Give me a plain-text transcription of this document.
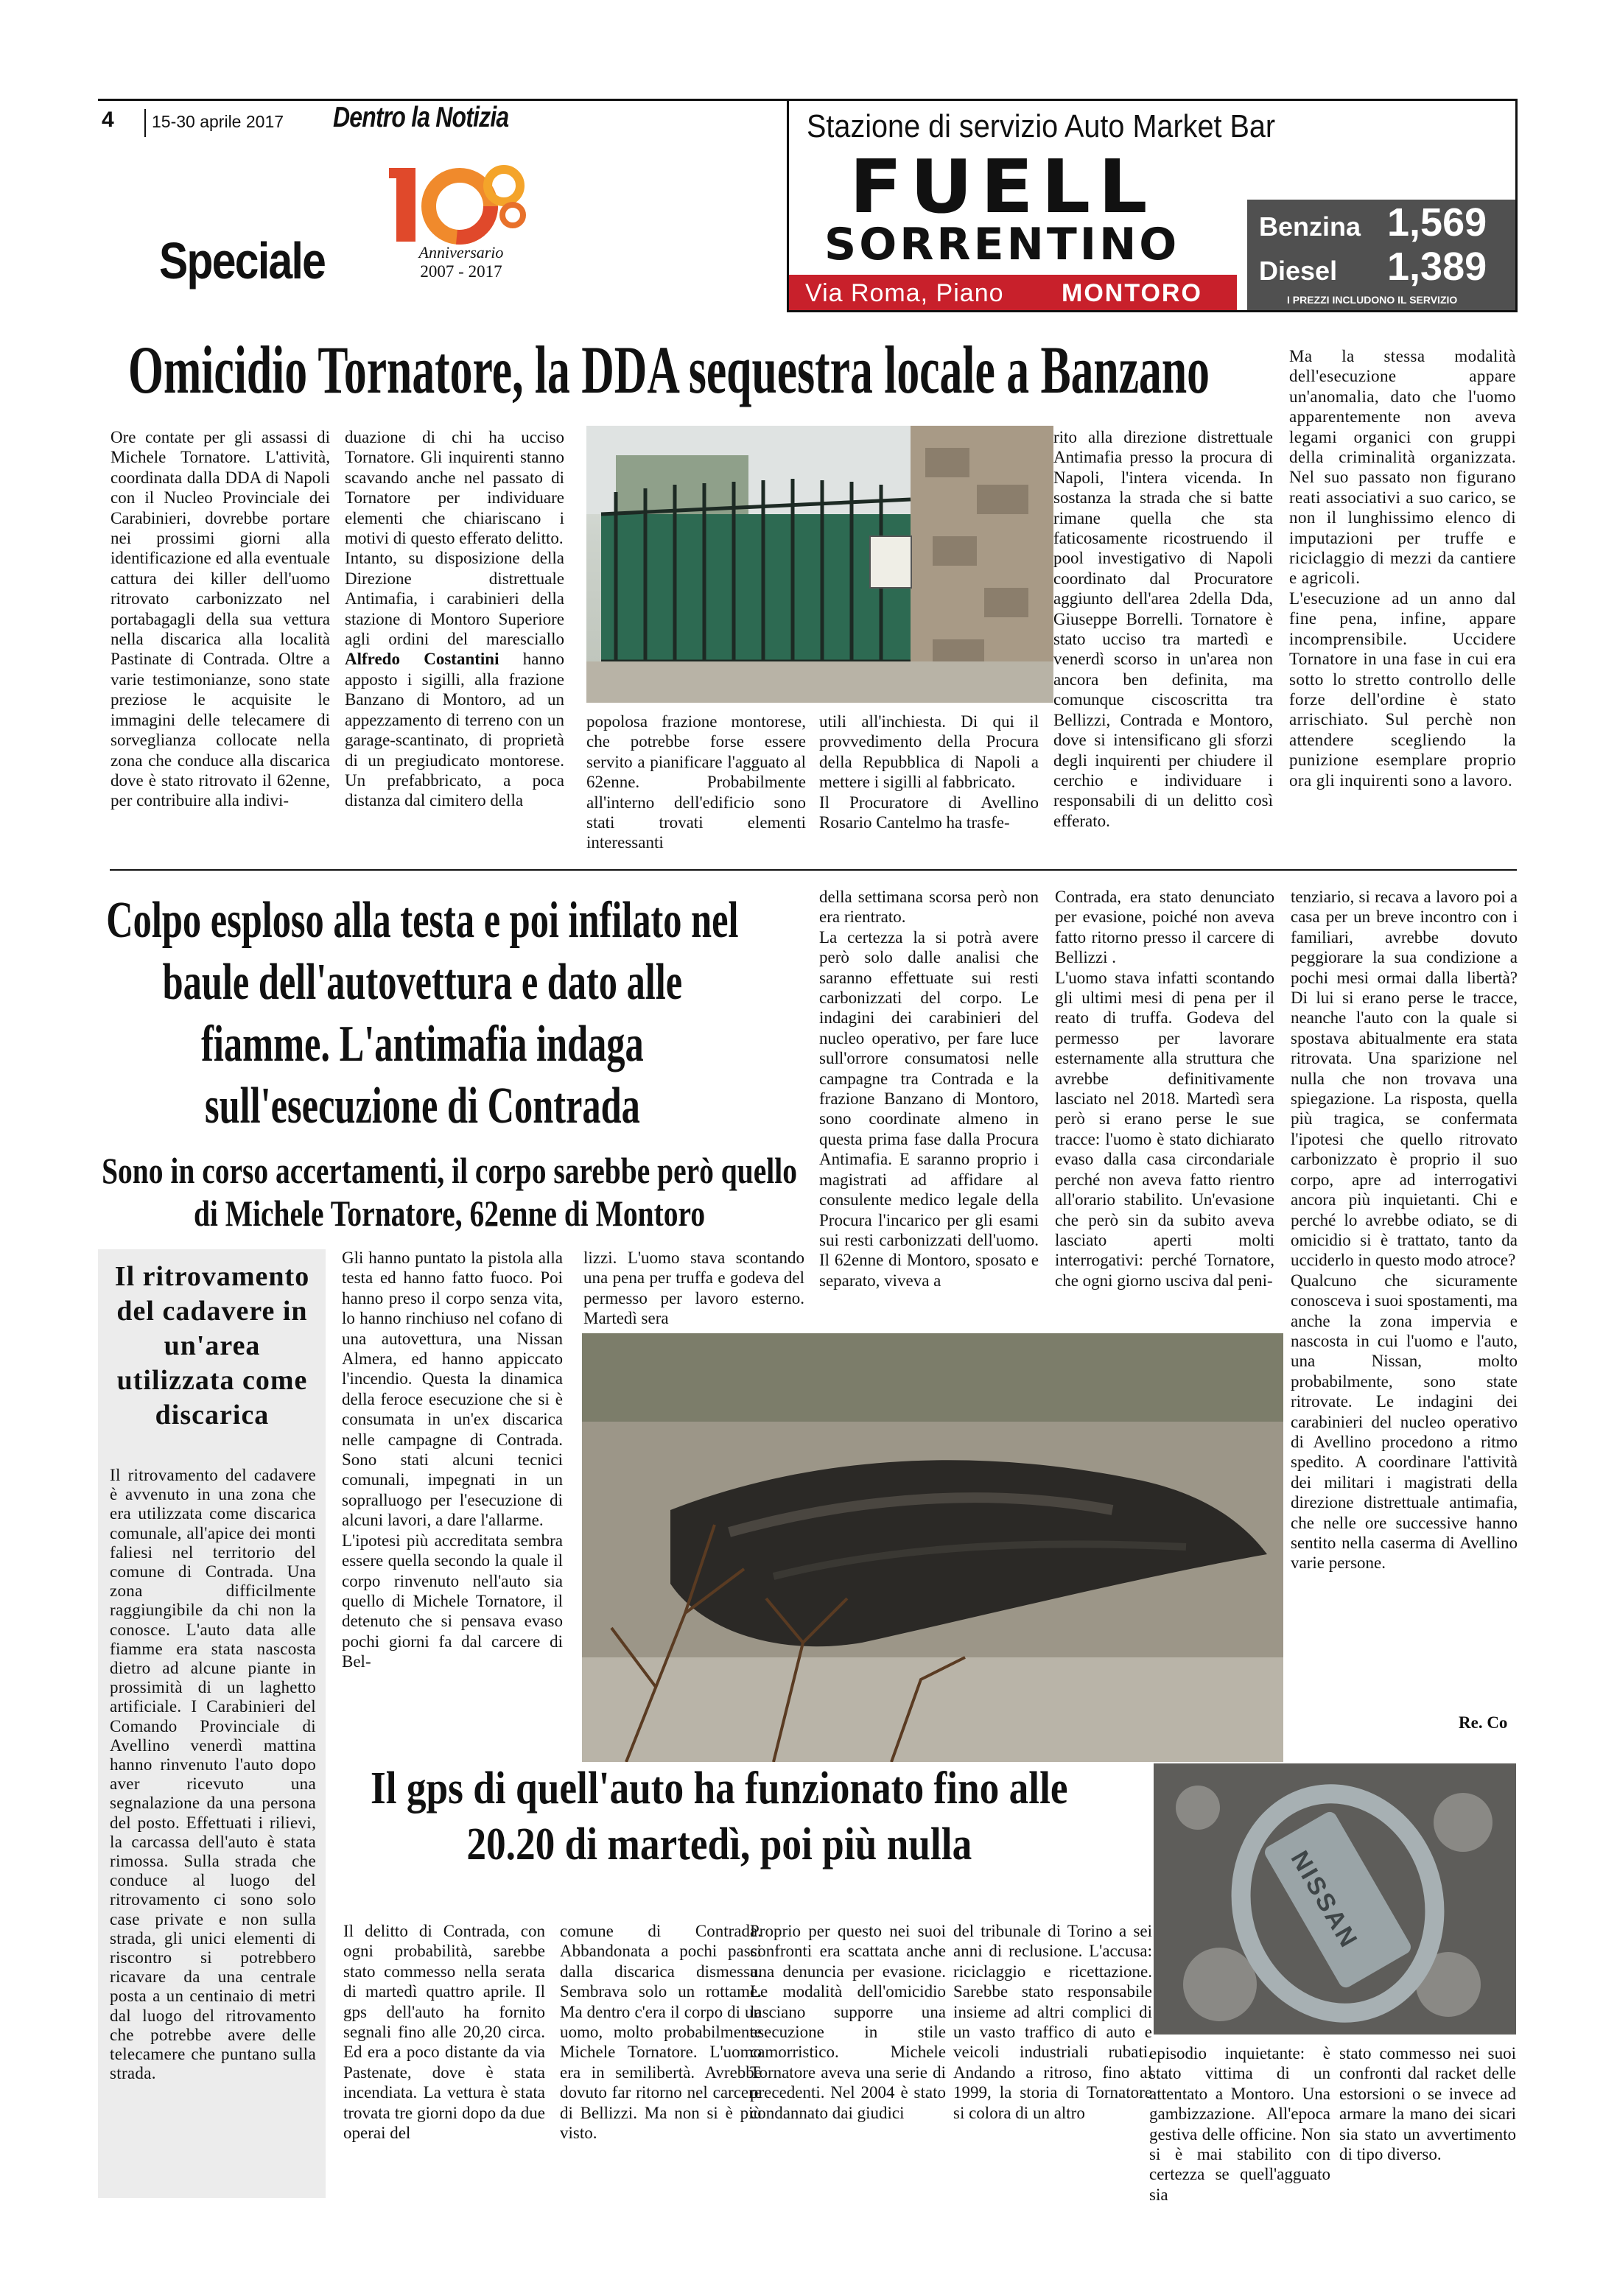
4 15-30 aprile 2017 Dentro la Notizia
Anniversario
2007 - 2017
Speciale
Stazione di servizio Auto Market Bar
FUELL
SORRENTINO
Via Roma, Piano MONTORO
Benzina 1,569
Diesel 1,389
I PREZZI INCLUDONO IL SERVIZIO
Omicidio Tornatore, la DDA sequestra locale a Banzano
Ore contate per gli assassi di Michele Tornatore. L'attività, coordinata dalla DDA di Napoli con il Nucleo Provinciale dei Carabinieri, dovrebbe portare nei prossimi giorni alla identificazione ed alla eventuale cattura dei killer dell'uomo ritrovato carbonizzato nel portabagagli della sua vettura nella discarica alla località Pastinate di Contrada. Oltre a varie testimonianze, sono state preziose le acquisite le immagini delle telecamere di sorveglianza collocate nella zona che conduce alla discarica dove è stato ritrovato il 62enne, per contribuire alla indivi-
duazione di chi ha ucciso Tornatore. Gli inquirenti stanno scavando anche nel passato di Tornatore per individuare elementi che chiariscano i motivi di questo efferato delitto.
Intanto, su disposizione della Direzione distrettuale Antimafia, i carabinieri della stazione di Montoro Superiore agli ordini del maresciallo Alfredo Costantini hanno apposto i sigilli, alla frazione Banzano di Montoro, ad un appezzamento di terreno con un garage-scantinato, di proprietà di un pregiudicato montorese. Un prefabbricato, a poca distanza dal cimitero della
popolosa frazione montorese, che potrebbe forse essere servito a pianificare l'agguato al 62enne. Probabilmente all'interno dell'edificio sono stati trovati elementi interessanti
utili all'inchiesta. Di qui il provvedimento della Procura della Repubblica di Napoli a mettere i sigilli al fabbricato.
Il Procuratore di Avellino Rosario Cantelmo ha trasfe-
rito alla direzione distrettuale Antimafia presso la procura di Napoli, l'intera vicenda. In sostanza la strada che si batte rimane quella che sta faticosamente ricostruendo il pool investigativo di Napoli coordinato dal Procuratore aggiunto dell'area 2della Dda, Giuseppe Borrelli. Tornatore è stato ucciso tra martedì e venerdì scorso in un'area non ancora ben definita, ma comunque ciscoscritta tra Bellizzi, Contrada e Montoro, dove si intensificano gli sforzi degli inquirenti per chiudere il cerchio e individuare i responsabili di un delitto così efferato.
Ma la stessa modalità dell'esecuzione appare un'anomalia, dato che l'uomo apparentemente non aveva legami organici con gruppi della criminalità organizzata. Nel suo passato non figurano reati associativi a suo carico, se non il lunghissimo elenco di imputazioni per truffe e riciclaggio di mezzi da cantiere e agricoli.
L'esecuzione ad un anno dal fine pena, infine, appare incomprensibile. Uccidere Tornatore in una fase in cui era sotto lo stretto controllo delle forze dell'ordine è stato arrischiato. Sul perchè non attendere scegliendo la punizione esemplare proprio ora gli inquirenti sono a lavoro.
Colpo esploso alla testa e poi infilato nel baule dell'autovettura e dato alle fiamme. L'antimafia indaga sull'esecuzione di Contrada
Sono in corso accertamenti, il corpo sarebbe però quello di Michele Tornatore, 62enne di Montoro
della settimana scorsa però non era rientrato.
La certezza la si potrà avere però solo dalle analisi che saranno effettuate sui resti carbonizzati del corpo. Le indagini dei carabinieri del nucleo operativo, per fare luce sull'orrore consumatosi nelle campagne tra Contrada e la frazione Banzano di Montoro, sono coordinate almeno in questa prima fase dalla Procura Antimafia. E saranno proprio i magistrati ad affidare al consulente medico legale della Procura l'incarico per gli esami sui resti carbonizzati dell'uomo. Il 62enne di Montoro, sposato e separato, viveva a
Contrada, era stato denunciato per evasione, poiché non aveva fatto ritorno presso il carcere di Bellizzi .
L'uomo stava infatti scontando gli ultimi mesi di pena per il reato di truffa. Godeva del permesso per lavorare esternamente alla struttura che avrebbe definitivamente lasciato nel 2018. Martedì sera però si erano perse le sue tracce: l'uomo è stato dichiarato evaso dalla casa circondariale perché non aveva fatto rientro all'orario stabilito. Un'evasione che però sin da subito aveva lasciato aperti molti interrogativi: perché Tornatore, che ogni giorno usciva dal peni-
tenziario, si recava a lavoro poi a casa per un breve incontro con i familiari, avrebbe dovuto peggiorare la sua condizione a pochi mesi ormai dalla libertà? Di lui si erano perse le tracce, neanche l'auto con la quale si spostava abitualmente era stata ritrovata. Una sparizione nel nulla che non trovava una spiegazione. La risposta, quella più tragica, se confermata l'ipotesi che quello ritrovato carbonizzato è proprio il suo corpo, apre ad interrogativi ancora più inquietanti. Chi e perché lo avrebbe odiato, se di omicidio si è trattato, tanto da ucciderlo in questo modo atroce?
Qualcuno che sicuramente conosceva i suoi spostamenti, ma anche la zona impervia e nascosta in cui l'uomo e l'auto, una Nissan, molto probabilmente, sono state ritrovate. Le indagini dei carabinieri del nucleo operativo di Avellino procedono a ritmo spedito. A coordinare l'attività dei militari i magistrati della direzione distrettuale antimafia, che nelle ore successive hanno sentito nella caserma di Avellino varie persone.
Gli hanno puntato la pistola alla testa ed hanno fatto fuoco. Poi hanno preso il corpo senza vita, lo hanno rinchiuso nel cofano di una autovettura, una Nissan Almera, ed hanno appiccato l'incendio. Questa la dinamica della feroce esecuzione che si è consumata in un'ex discarica nelle campagne di Contrada. Sono stati alcuni tecnici comunali, impegnati in un sopralluogo per l'esecuzione di alcuni lavori, a dare l'allarme.
L'ipotesi più accreditata sembra essere quella secondo la quale il corpo rinvenuto nell'auto sia quello di Michele Tornatore, il detenuto che si pensava evaso pochi giorni fa dal carcere di Bel-
lizzi. L'uomo stava scontando una pena per truffa e godeva del permesso per lavoro esterno. Martedì sera
Re. Co
Il ritrovamento del cadavere in un'area utilizzata come discarica
Il ritrovamento del cadavere è avvenuto in una zona che era utilizzata come discarica comunale, all'apice dei monti faliesi nel territorio del comune di Contrada. Una zona difficilmente raggiungibile da chi non la conosce. L'auto data alle fiamme era stata nascosta dietro ad alcune piante in prossimità di un laghetto artificiale. I Carabinieri del Comando Provinciale di Avellino venerdì mattina hanno rinvenuto l'auto dopo aver ricevuto una segnalazione da una persona del posto. Effettuati i rilievi, la carcassa dell'auto è stata rimossa. Sulla strada che conduce al luogo del ritrovamento ci sono solo case private e non sulla strada, gli unici elementi di riscontro si potrebbero ricavare da una centrale posta a un centinaio di metri dal luogo del ritrovamento che potrebbe avere delle telecamere che puntano sulla strada.
Il gps di quell'auto ha funzionato fino alle 20.20 di martedì, poi più nulla
NISSAN
Il delitto di Contrada, con ogni probabilità, sarebbe stato commesso nella serata di martedì quattro aprile. Il gps dell'auto ha fornito segnali fino alle 20,20 circa. Ed era a poco distante da via Pastenate, dove è stata incendiata. La vettura è stata trovata tre giorni dopo da due operai del
comune di Contrada. Abbandonata a pochi passi dalla discarica dismessa. Sembrava solo un rottame. Ma dentro c'era il corpo di un uomo, molto probabilmente Michele Tornatore. L'uomo era in semilibertà. Avrebbe dovuto far ritorno nel carcere di Bellizzi. Ma non si è più visto.
Proprio per questo nei suoi confronti era scattata anche una denuncia per evasione. Le modalità dell'omicidio lasciano supporre una esecuzione in stile camorristico. Michele Tornatore aveva una serie di precedenti. Nel 2004 è stato condannato dai giudici
del tribunale di Torino a sei anni di reclusione. L'accusa: riciclaggio e ricettazione. Sarebbe stato responsabile insieme ad altri complici di un vasto traffico di auto e veicoli industriali rubati. Andando a ritroso, fino al 1999, la storia di Tornatore si colora di un altro
episodio inquietante: è stato vittima di un attentato a Montoro. Una gambizzazione. All'epoca gestiva delle officine. Non si è mai stabilito con certezza se quell'agguato sia
stato commesso nei suoi confronti dal racket delle estorsioni o se invece ad armare la mano dei sicari sia stato un avvertimento di tipo diverso.
